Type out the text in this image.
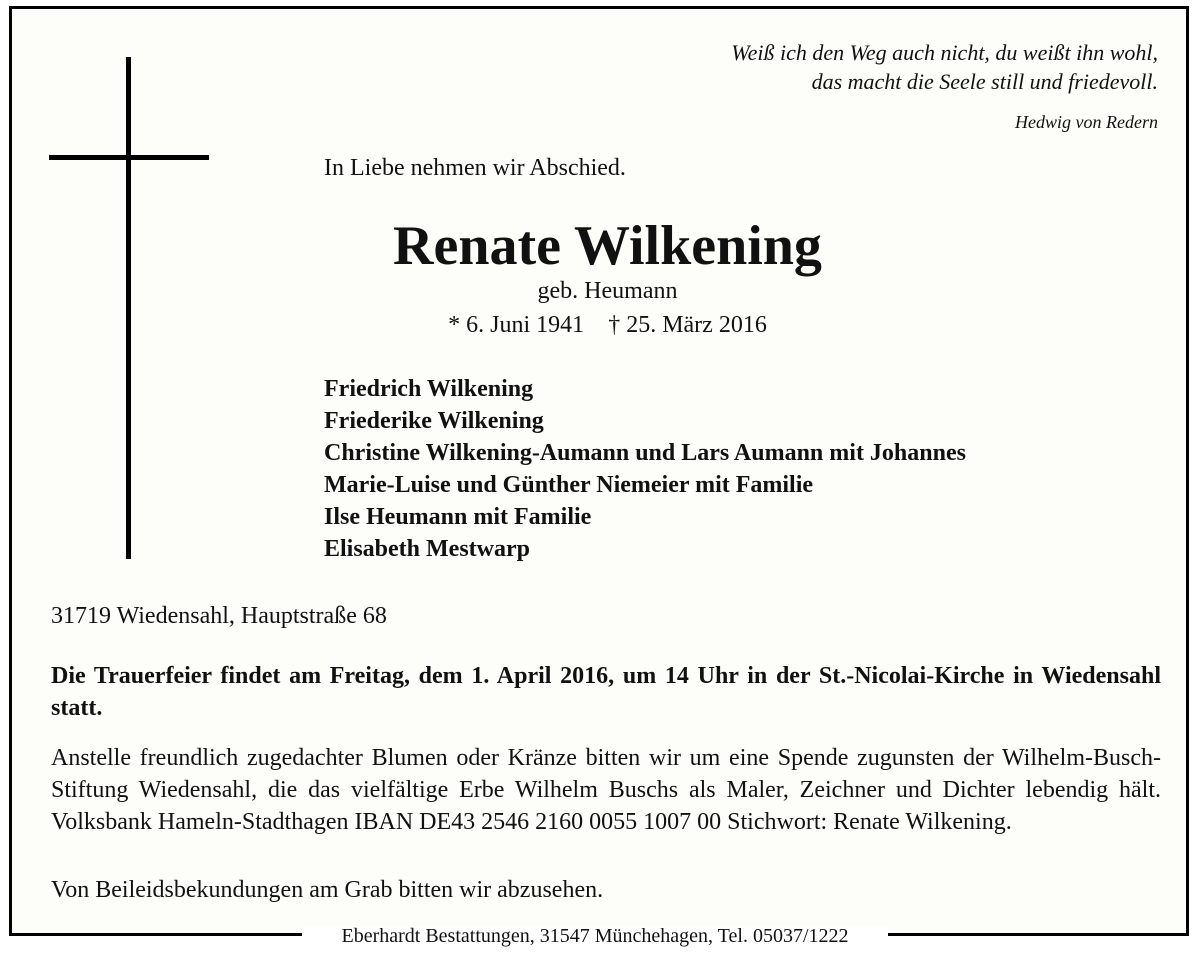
Weiß ich den Weg auch nicht, du weißt ihn wohl,
das macht die Seele still und friedevoll.
Hedwig von Redern
In Liebe nehmen wir Abschied.
Renate Wilkening
geb. Heumann
* 6. Juni 1941 † 25. März 2016
Friedrich Wilkening
Friederike Wilkening
Christine Wilkening-Aumann und Lars Aumann mit Johannes
Marie-Luise und Günther Niemeier mit Familie
Ilse Heumann mit Familie
Elisabeth Mestwarp
31719 Wiedensahl, Hauptstraße 68

Die Trauerfeier findet am Freitag, dem 1. April 2016, um 14 Uhr in der St.-Nicolai-Kirche in Wiedensahl statt.

Anstelle freundlich zugedachter Blumen oder Kränze bitten wir um eine Spende zugunsten der Wilhelm-Busch-Stiftung Wiedensahl, die das vielfältige Erbe Wilhelm Buschs als Maler, Zeichner und Dichter lebendig hält. Volksbank Hameln-Stadthagen IBAN DE43 2546 2160 0055 1007 00 Stichwort: Renate Wilkening.

Von Beileidsbekundungen am Grab bitten wir abzusehen.
Eberhardt Bestattungen, 31547 Münchehagen, Tel. 05037/1222
